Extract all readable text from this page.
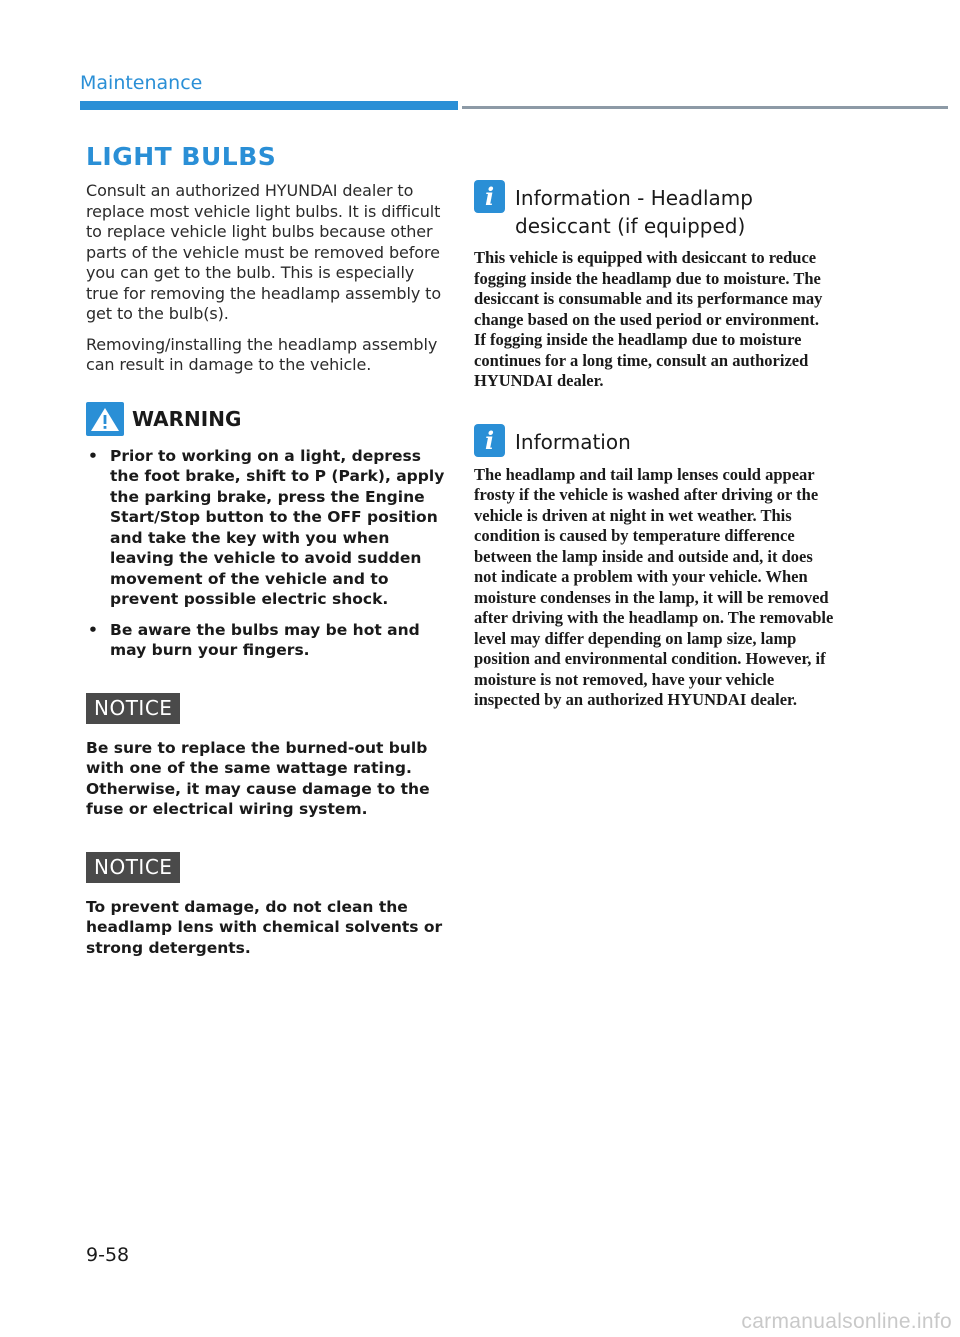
Maintenance
LIGHT BULBS

Consult an authorized HYUNDAI dealer to replace most vehicle light bulbs. It is difficult to replace vehicle light bulbs because other parts of the vehicle must be removed before you can get to the bulb. This is especially true for removing the headlamp assembly to get to the bulb(s).

Removing/installing the headlamp assembly can result in damage to the vehicle.

WARNING
• Prior to working on a light, depress the foot brake, shift to P (Park), apply the parking brake, press the Engine Start/Stop button to the OFF position and take the key with you when leaving the vehicle to avoid sudden movement of the vehicle and to prevent possible electric shock.
• Be aware the bulbs may be hot and may burn your fingers.
NOTICE

Be sure to replace the burned-out bulb with one of the same wattage rating. Otherwise, it may cause damage to the fuse or electrical wiring system.

NOTICE

To prevent damage, do not clean the headlamp lens with chemical solvents or strong detergents.

i	Information - Headlamp desiccant (if equipped)

This vehicle is equipped with desiccant to reduce fogging inside the headlamp due to moisture. The desiccant is consumable and its performance may change based on the used period or environment. If fogging inside the headlamp due to moisture continues for a long time, consult an authorized HYUNDAI dealer.

i	Information

The headlamp and tail lamp lenses could appear frosty if the vehicle is washed after driving or the vehicle is driven at night in wet weather. This condition is caused by temperature difference between the lamp inside and outside and, it does not indicate a problem with your vehicle. When moisture condenses in the lamp, it will be removed after driving with the headlamp on. The removable level may differ depending on lamp size, lamp position and environmental condition. However, if moisture is not removed, have your vehicle inspected by an authorized HYUNDAI dealer.

9-58
carmanualsonline.info
